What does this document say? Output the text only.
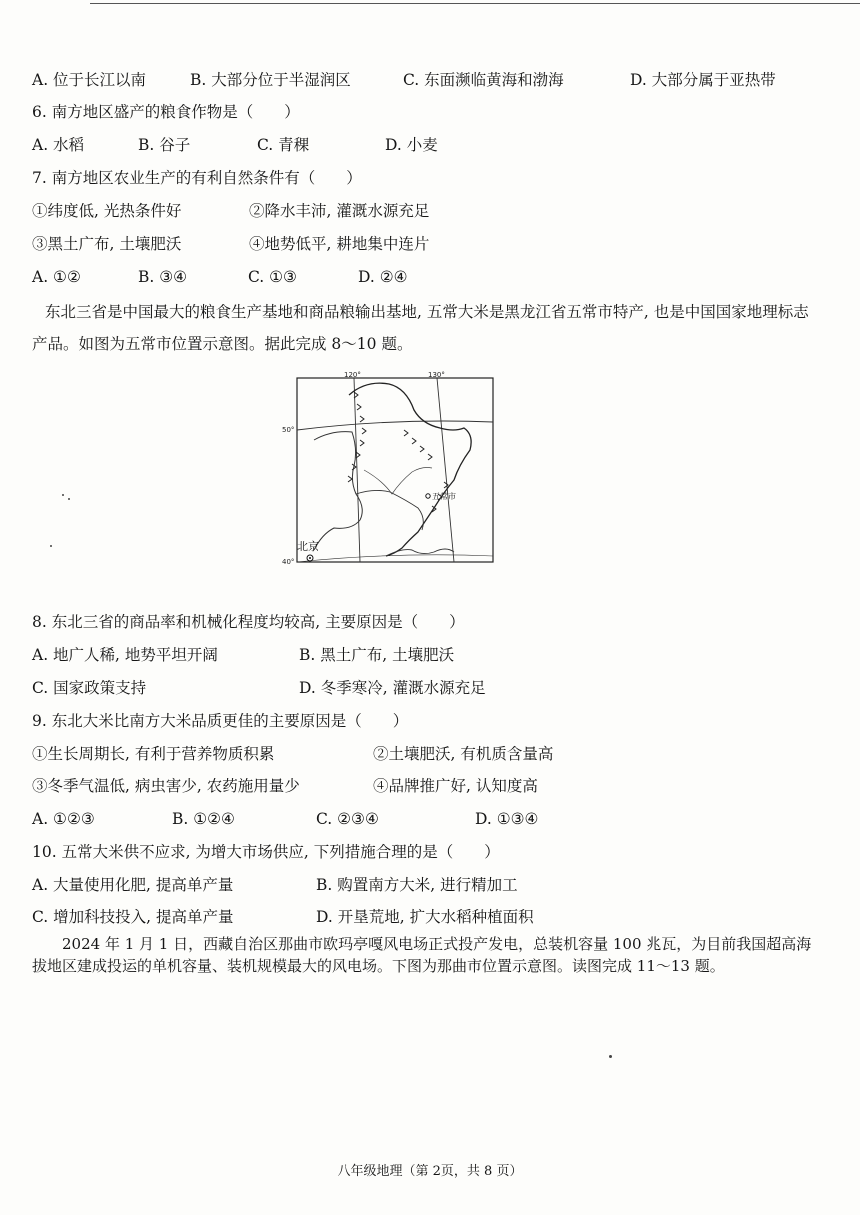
A. 位于长江以南	B. 大部分位于半湿润区	C. 东面濒临黄海和渤海	D. 大部分属于亚热带
6. 南方地区盛产的粮食作物是（　　）
A. 水稻	B. 谷子	C. 青稞	D. 小麦
7. 南方地区农业生产的有利自然条件有（　　）
①纬度低, 光热条件好	②降水丰沛, 灌溉水源充足
③黑土广布, 土壤肥沃	④地势低平, 耕地集中连片
A. ①②	B. ③④	C. ①③	D. ②④
东北三省是中国最大的粮食生产基地和商品粮输出基地, 五常大米是黑龙江省五常市特产, 也是中国国家地理标志产品。如图为五常市位置示意图。据此完成 8～10 题。
五常市
北京
120°	130°
50°
40°
8. 东北三省的商品率和机械化程度均较高, 主要原因是（　　）
A. 地广人稀, 地势平坦开阔	B. 黑土广布, 土壤肥沃
C. 国家政策支持	D. 冬季寒冷, 灌溉水源充足
9. 东北大米比南方大米品质更佳的主要原因是（　　）
①生长周期长, 有利于营养物质积累	②土壤肥沃, 有机质含量高
③冬季气温低, 病虫害少, 农药施用量少	④品牌推广好, 认知度高
A. ①②③	B. ①②④	C. ②③④	D. ①③④
10. 五常大米供不应求, 为增大市场供应, 下列措施合理的是（　　）
A. 大量使用化肥, 提高单产量	B. 购置南方大米, 进行精加工
C. 增加科技投入, 提高单产量	D. 开垦荒地, 扩大水稻种植面积
2024 年 1 月 1 日，西藏自治区那曲市欧玛亭嘎风电场正式投产发电，总装机容量 100 兆瓦，为目前我国超高海拔地区建成投运的单机容量、装机规模最大的风电场。下图为那曲市位置示意图。读图完成 11～13 题。
八年级地理（第 2页，共 8 页）
